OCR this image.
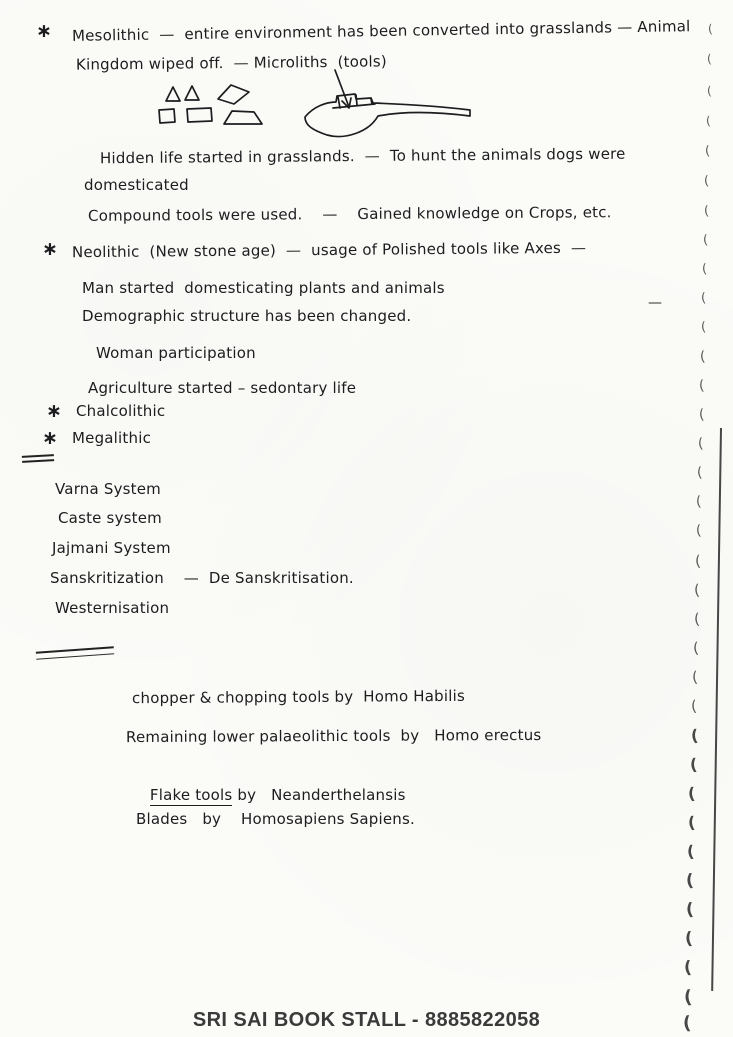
∗ Mesolithic  —  entire environment has been converted into grasslands — Animal
Kingdom wiped off.  — Microliths  (tools)
Hidden life started in grasslands.  —  To hunt the animals dogs were
domesticated
Compound tools were used.    —    Gained knowledge on Crops, etc.
∗ Neolithic  (New stone age)  —  usage of Polished tools like Axes  —
Man started  domesticating plants and animals
Demographic structure has been changed.
Woman participation
Agriculture started – sedontary life
∗ Chalcolithic
∗ Megalithic
Varna System
Caste system
Jajmani System
Sanskritization    —  De Sanskritisation.
Westernisation
chopper & chopping tools by  Homo Habilis
Remaining lower palaeolithic tools  by   Homo erectus

Flake tools by   Neanderthelansis

Blades   by    Homosapiens Sapiens.
—
(
(
(
(
(
(
(
(
(
(
(
(
(
(
(
(
(
(
(
(
(
(
(
(
(
(
(
(
(
(
(
(
(
(
(
SRI SAI BOOK STALL - 8885822058
